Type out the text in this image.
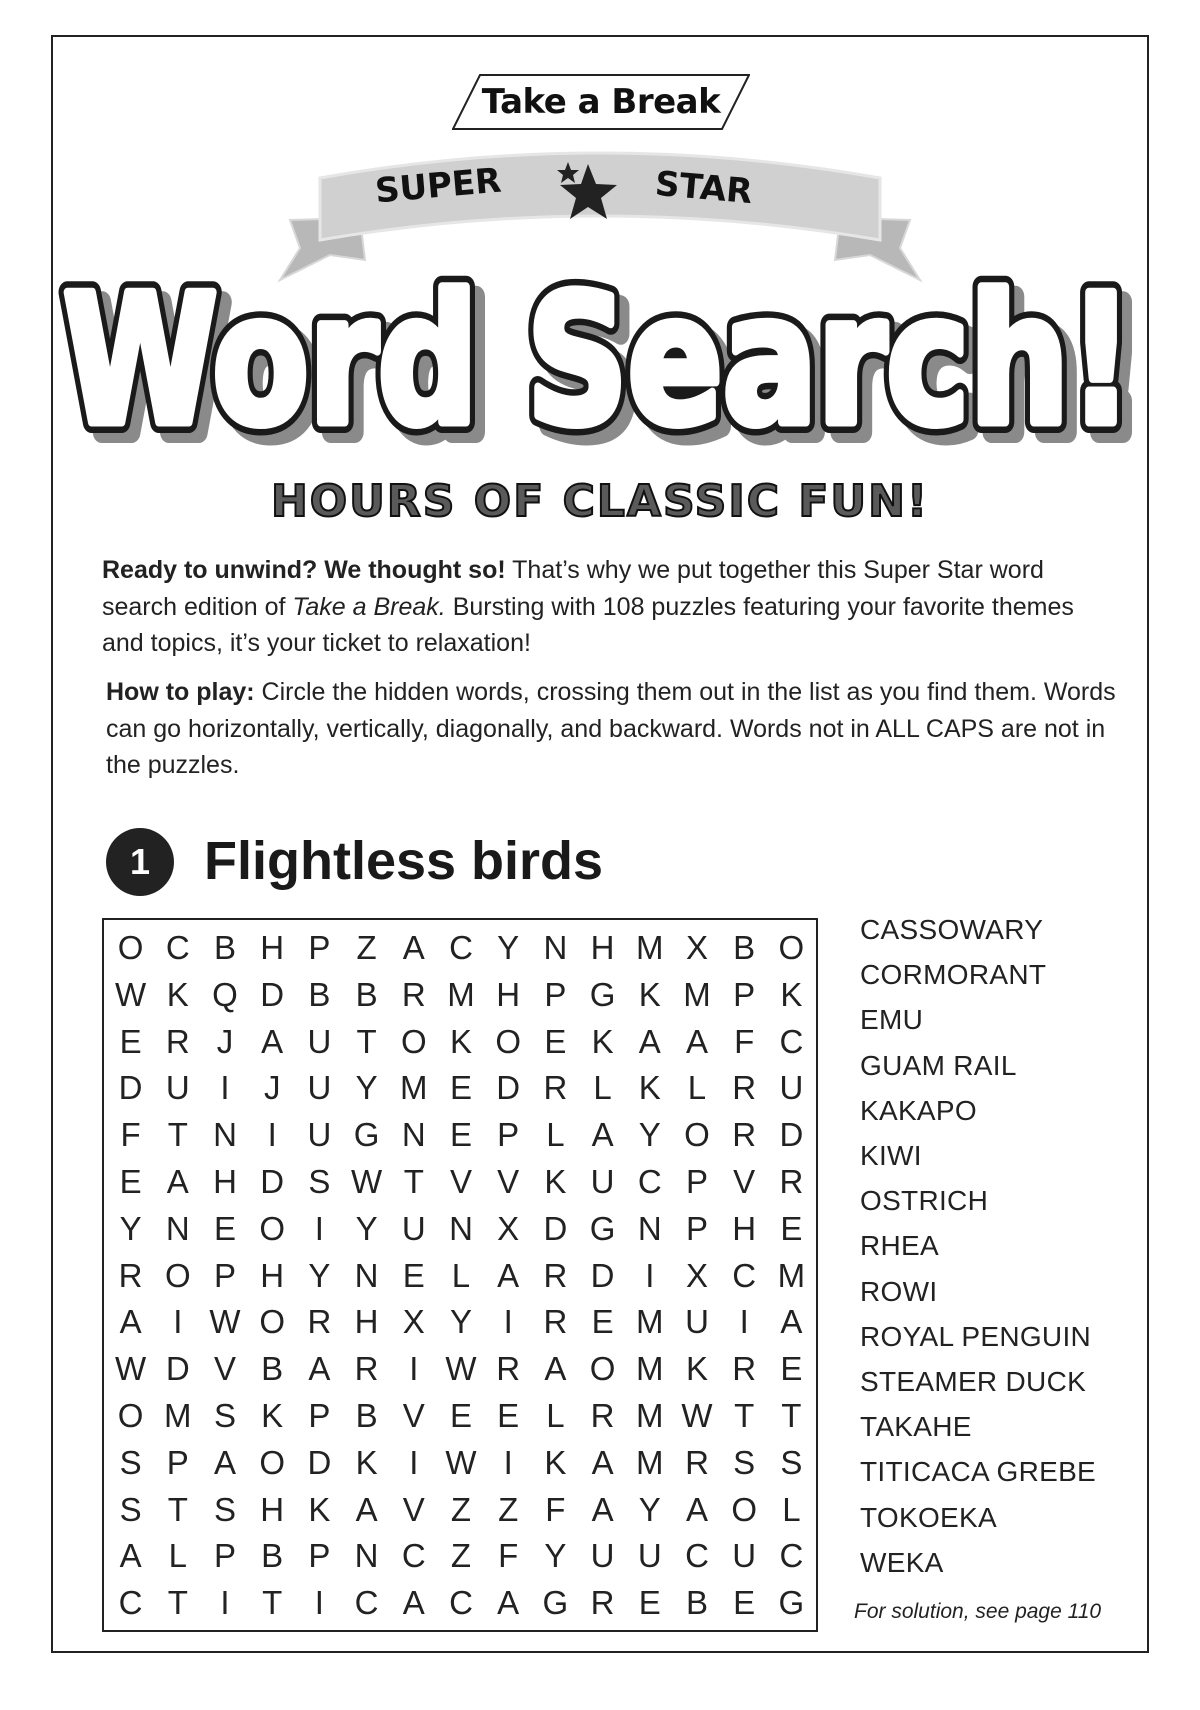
Take a Break
SUPER	STAR
Word Search!
Word Search!
Word Search!
HOURS OF CLASSIC FUN!
Ready to unwind? We thought so! That’s why we put together this Super Star word search edition of Take a Break. Bursting with 108 puzzles featuring your favorite themes and topics, it’s your ticket to relaxation!
How to play: Circle the hidden words, crossing them out in the list as you find them. Words can go horizontally, vertically, diagonally, and backward. Words not in ALL CAPS are not in the puzzles.
1 Flightless birds
O C B H P Z A C Y N H M X B O
W K Q D B B R M H P G K M P K
E R J A U T O K O E K A A F C
D U I	J U Y M E D R L K L R U
F T N I U G N E P L A Y O R D
E A H D S W T V V K U C P V R
Y N E O I Y U N X D G N P H E
R O P H Y N E L A R D I X C M
A I W O R H X Y I R E M U I A
W D V B A R I W R A O M K R E
O M S K P B V E E L R M W T T
S P A O D K I W I K A M R S S
S T S H K A V Z Z F A Y A O L
A L P B P N C Z F Y U U C U C
C T I T I C A C A G R E B E G
CASSOWARY
CORMORANT
EMU
GUAM RAIL
KAKAPO
KIWI
OSTRICH
RHEA
ROWI
ROYAL PENGUIN
STEAMER DUCK
TAKAHE
TITICACA GREBE
TOKOEKA
WEKA
For solution, see page 110
